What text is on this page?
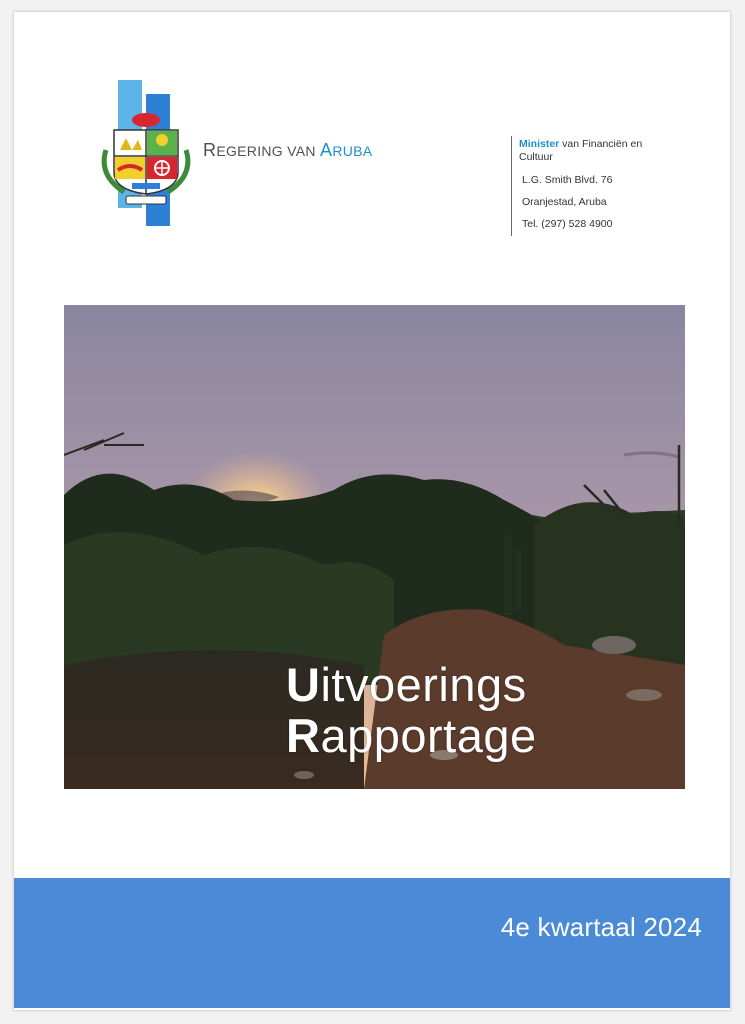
REGERING VAN ARUBA	Minister van Financiën en Cultuur
L.G. Smith Blvd. 76
Oranjestad, Aruba
Tel. (297) 528 4900
Uitvoerings
Rapportage
4e kwartaal 2024
